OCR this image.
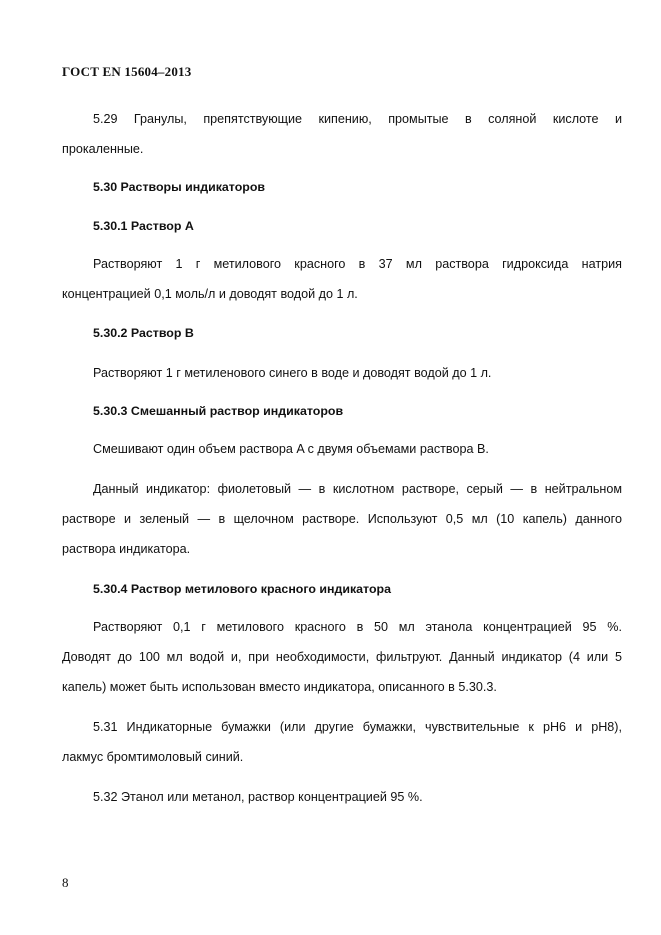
ГОСТ EN 15604–2013
5.29 Гранулы, препятствующие кипению, промытые в соляной кислоте и
прокаленные.
5.30 Растворы индикаторов
5.30.1 Раствор A
Растворяют 1 г метилового красного в 37 мл раствора гидроксида натрия
концентрацией 0,1 моль/л и доводят водой до 1 л.
5.30.2 Раствор B
Растворяют 1 г метиленового синего в воде и доводят водой до 1 л.
5.30.3 Смешанный раствор индикаторов
Смешивают один объем раствора A с двумя объемами раствора B.
Данный индикатор: фиолетовый — в кислотном растворе, серый — в нейтральном
растворе и зеленый — в щелочном растворе. Используют 0,5 мл (10 капель) данного
раствора индикатора.
5.30.4 Раствор метилового красного индикатора
Растворяют 0,1 г метилового красного в 50 мл этанола концентрацией 95 %.
Доводят до 100 мл водой и, при необходимости, фильтруют. Данный индикатор (4 или 5
капель) может быть использован вместо индикатора, описанного в 5.30.3.
5.31 Индикаторные бумажки (или другие бумажки, чувствительные к pH6 и pH8),
лакмус бромтимоловый синий.
5.32 Этанол или метанол, раствор концентрацией 95 %.
8
